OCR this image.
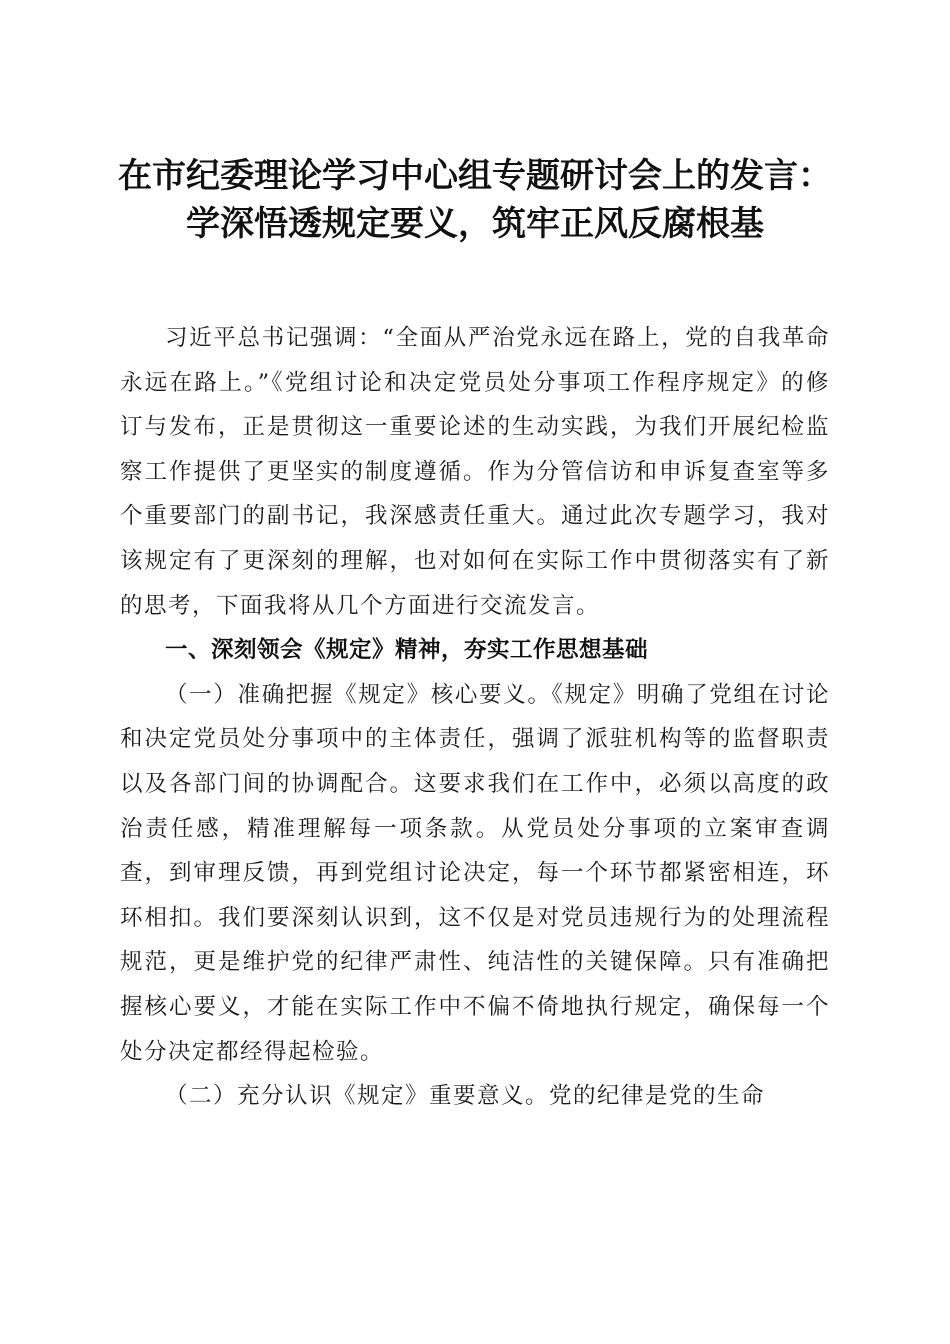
在市纪委理论学习中心组专题研讨会上的发言：
学深悟透规定要义，筑牢正风反腐根基

习近平总书记强调：“全面从严治党永远在路上，党的自我革命永远在路上。”《党组讨论和决定党员处分事项工作程序规定》的修订与发布，正是贯彻这一重要论述的生动实践，为我们开展纪检监察工作提供了更坚实的制度遵循。作为分管信访和申诉复查室等多个重要部门的副书记，我深感责任重大。通过此次专题学习，我对该规定有了更深刻的理解，也对如何在实际工作中贯彻落实有了新的思考，下面我将从几个方面进行交流发言。

一、深刻领会《规定》精神，夯实工作思想基础

（一）准确把握《规定》核心要义。《规定》明确了党组在讨论和决定党员处分事项中的主体责任，强调了派驻机构等的监督职责以及各部门间的协调配合。这要求我们在工作中，必须以高度的政治责任感，精准理解每一项条款。从党员处分事项的立案审查调查，到审理反馈，再到党组讨论决定，每一个环节都紧密相连，环环相扣。我们要深刻认识到，这不仅是对党员违规行为的处理流程规范，更是维护党的纪律严肃性、纯洁性的关键保障。只有准确把握核心要义，才能在实际工作中不偏不倚地执行规定，确保每一个处分决定都经得起检验。

（二）充分认识《规定》重要意义。党的纪律是党的生命
